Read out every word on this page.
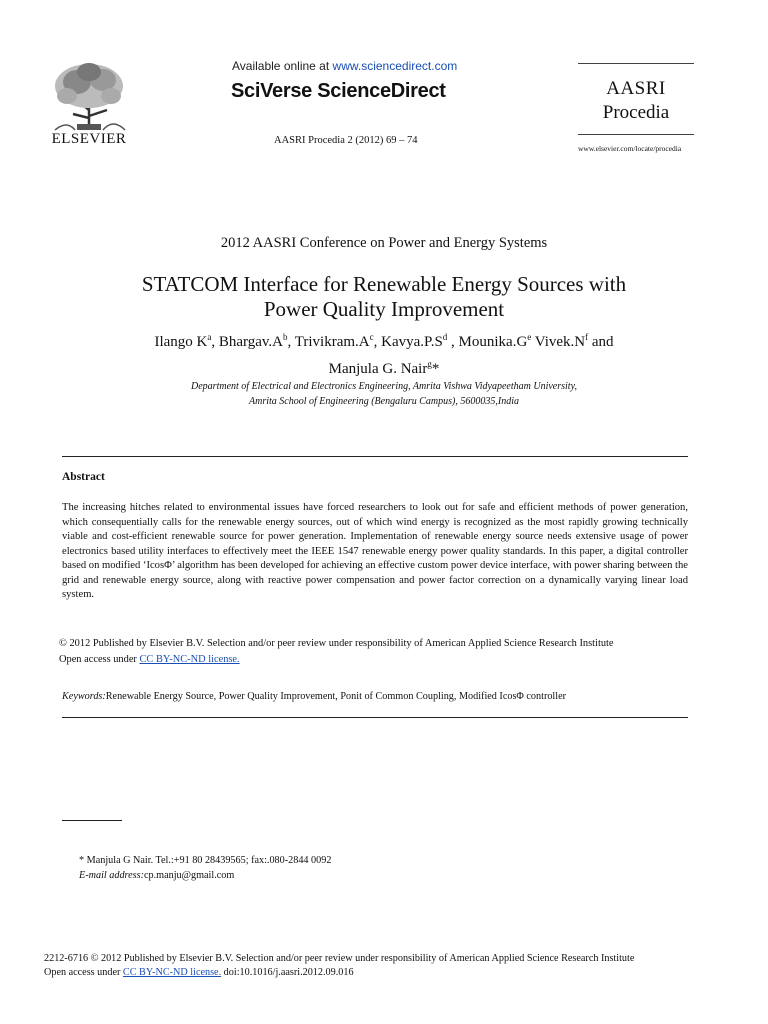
ELSEVIER
Available online at www.sciencedirect.com
SciVerse ScienceDirect
AASRI Procedia 2 (2012) 69 – 74
AASRI
Procedia
www.elsevier.com/locate/procedia
2012 AASRI Conference on Power and Energy Systems
STATCOM Interface for Renewable Energy Sources with
Power Quality Improvement
Ilango $K^a$, $Bhargav.A^b$, $Trivikram.A^c$, $Kavya.P.S^d$ , $Mounika.G^e$ $Vivek.N^f$ and
Manjula G. Nair$^g$*
Department of Electrical and Electronics Engineering, Amrita Vishwa Vidyapeetham University,
Amrita School of Engineering (Bengaluru Campus), 5600035,India
Abstract
The increasing hitches related to environmental issues have forced researchers to look out for safe and efficient methods of power generation, which consequentially calls for the renewable energy sources, out of which wind energy is recognized as the most rapidly growing technically viable and cost-efficient renewable source for power generation. Implementation of renewable energy source needs extensive usage of power electronics based utility interfaces to effectively meet the IEEE 1547 renewable energy power quality standards. In this paper, a digital controller based on modified ‘IcosΦ’ algorithm has been developed for achieving an effective custom power device interface, with power sharing between the grid and renewable energy source, along with reactive power compensation and power factor correction on a dynamically varying linear load system.
© 2012 Published by Elsevier B.V. Selection and/or peer review under responsibility of American Applied Science Research Institute
Open access under CC BY-NC-ND license.
Keywords:Renewable Energy Source, Power Quality Improvement, Ponit of Common Coupling, Modified IcosΦ controller
* Manjula G Nair. Tel.:+91 80 28439565; fax:.080-2844 0092
E-mail address:cp.manju@gmail.com
2212-6716 © 2012 Published by Elsevier B.V. Selection and/or peer review under responsibility of American Applied Science Research Institute
Open access under CC BY-NC-ND license. doi:10.1016/j.aasri.2012.09.016
